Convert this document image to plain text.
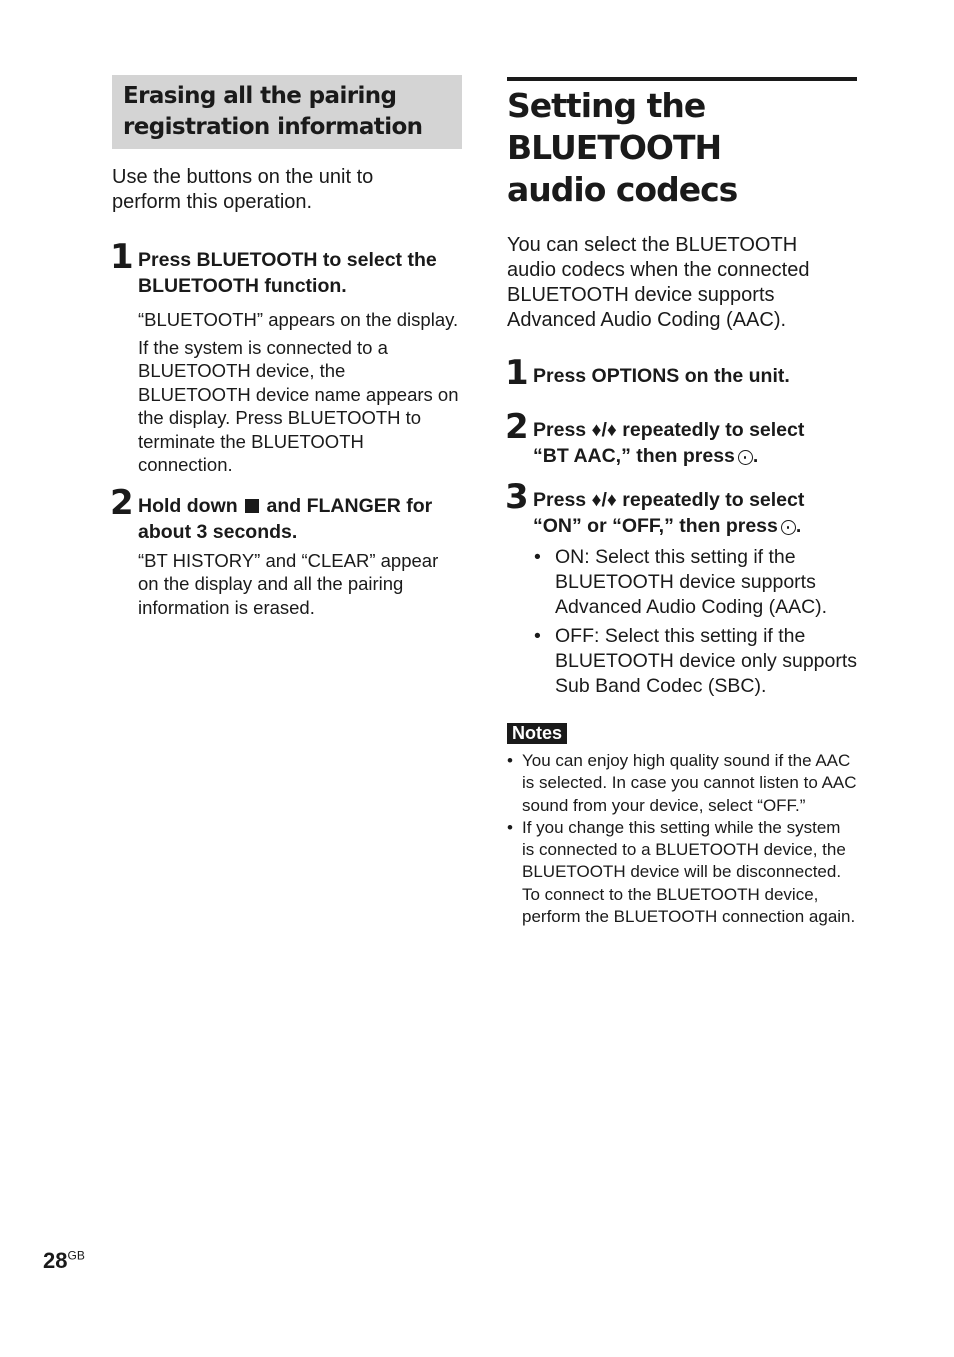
Erasing all the pairing
registration information
Use the buttons on the unit to
perform this operation.
1 Press BLUETOOTH to select the
BLUETOOTH function.

“BLUETOOTH” appears on the display.

If the system is connected to a BLUETOOTH device, the BLUETOOTH device name appears on the display. Press BLUETOOTH to terminate the BLUETOOTH connection.

2 Hold down and FLANGER for
about 3 seconds.

“BT HISTORY” and “CLEAR” appear on the display and all the pairing information is erased.

Setting the BLUETOOTH
audio codecs
You can select the BLUETOOTH
audio codecs when the connected
BLUETOOTH device supports
Advanced Audio Coding (AAC).
1 Press OPTIONS on the unit.
2 Press ♦/♦ repeatedly to select
“BT AAC,” then press .
3 Press ♦/♦ repeatedly to select
“ON” or “OFF,” then press .
• ON: Select this setting if the BLUETOOTH device supports Advanced Audio Coding (AAC).
• OFF: Select this setting if the BLUETOOTH device only supports Sub Band Codec (SBC).
Notes
• You can enjoy high quality sound if the AAC is selected. In case you cannot listen to AAC sound from your device, select “OFF.”
• If you change this setting while the system is connected to a BLUETOOTH device, the BLUETOOTH device will be disconnected. To connect to the BLUETOOTH device, perform the BLUETOOTH connection again.
$28^{GB}$
